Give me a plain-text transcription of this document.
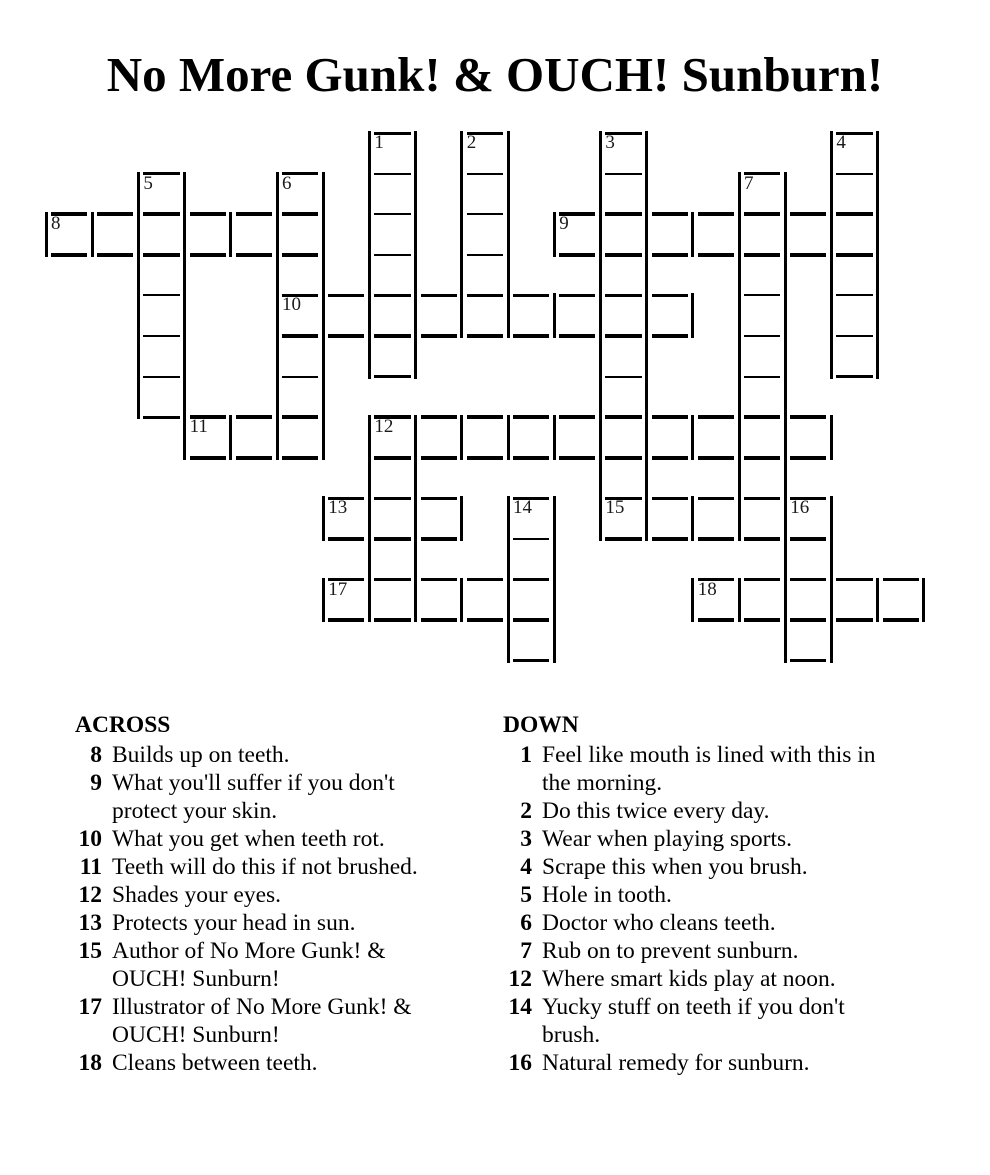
No More Gunk! & OUCH! Sunburn!
1	2	3	4
5	6	7
8	9
10
11	12
13	14	15	16
17	18
ACROSS
8 Builds up on teeth.
9 What you'll suffer if you don't
protect your skin.
10 What you get when teeth rot.
11 Teeth will do this if not brushed.
12 Shades your eyes.
13 Protects your head in sun.
15 Author of No More Gunk! &
OUCH! Sunburn!
17 Illustrator of No More Gunk! &
OUCH! Sunburn!
18 Cleans between teeth.
DOWN
1 Feel like mouth is lined with this in
the morning.
2 Do this twice every day.
3 Wear when playing sports.
4 Scrape this when you brush.
5 Hole in tooth.
6 Doctor who cleans teeth.
7 Rub on to prevent sunburn.
12 Where smart kids play at noon.
14 Yucky stuff on teeth if you don't
brush.
16 Natural remedy for sunburn.
